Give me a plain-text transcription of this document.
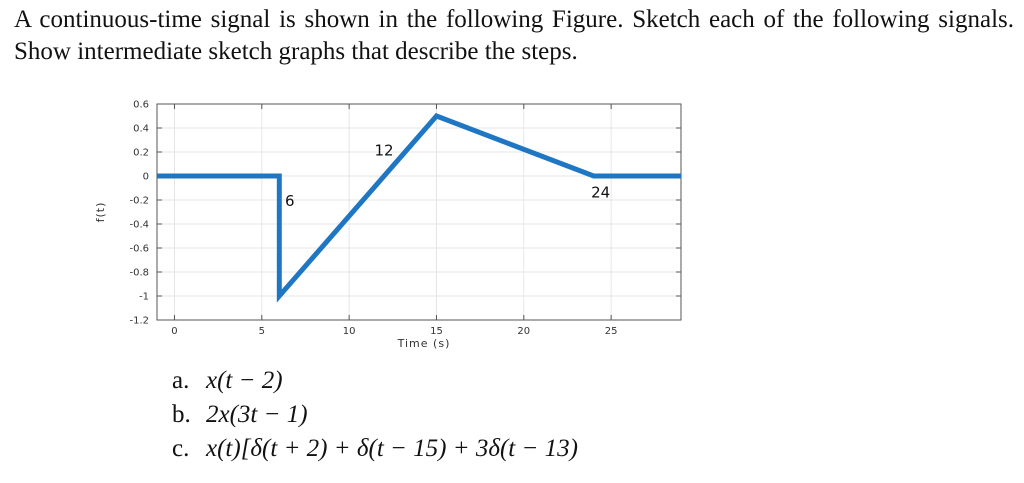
A continuous-time signal is shown in the following Figure. Sketch each of the following signals. Show intermediate sketch graphs that describe the steps.
0.6
0.4
0.2
0
-0.2
-0.4
-0.6
-0.8
-1
-1.2
0	5	10	15	20	25
Time (s)
f(t)
12
6	24
a. x(t − 2)
b. 2x(3t − 1)
c. x(t)[δ(t + 2) + δ(t − 15) + 3δ(t − 13)
